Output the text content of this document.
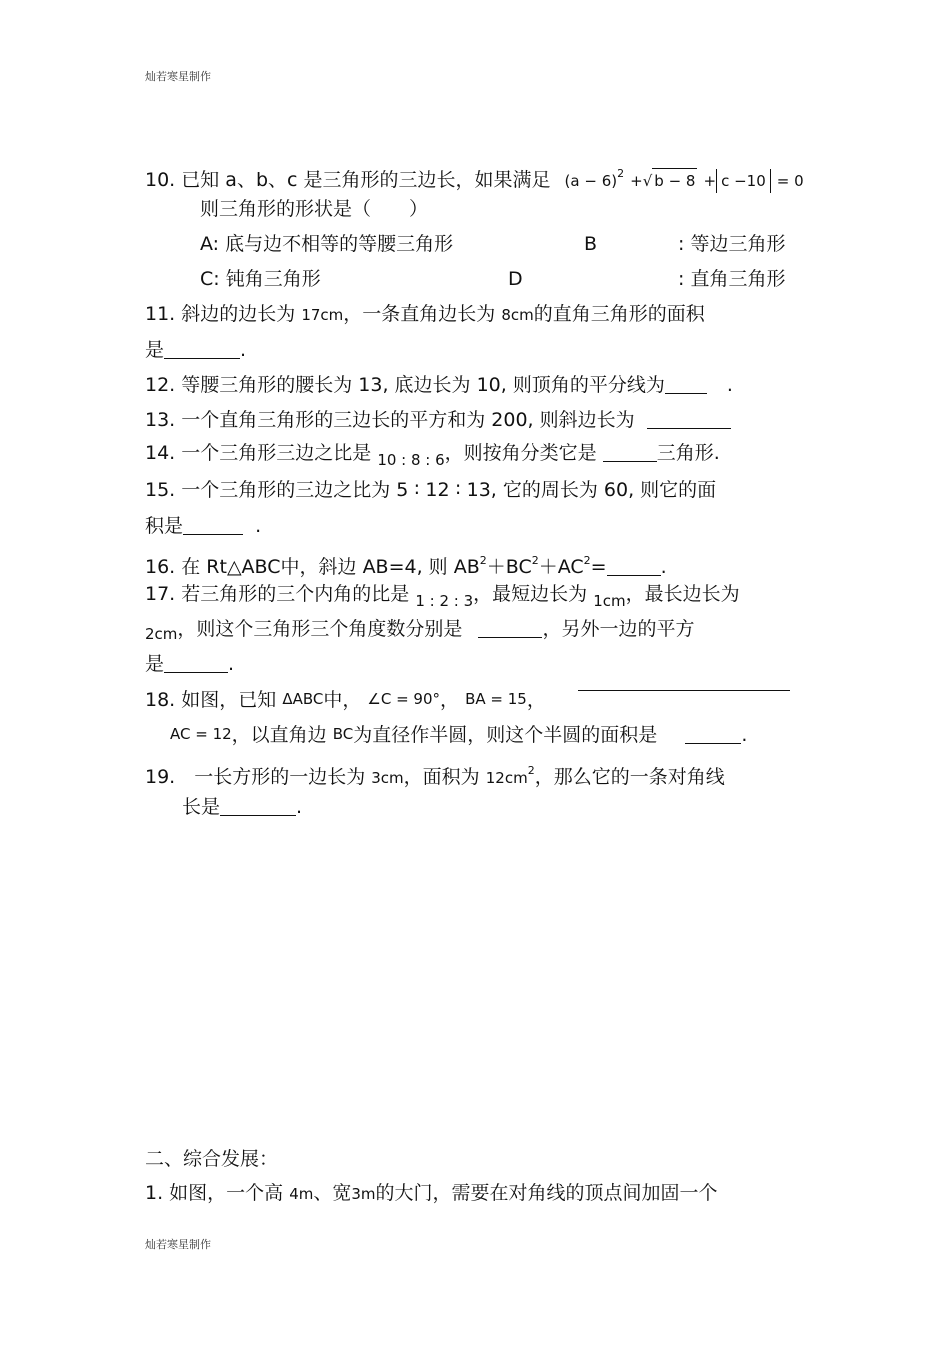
灿若寒星制作
10. 已知 a、b、c 是三角形的三边长，如果满足 $(a - 6)^2$ +√ b − 8 + c −10 = 0
则三角形的形状是（　　）
A: 底与边不相等的等腰三角形	B	: 等边三角形
C: 钝角三角形	D	: 直角三角形
11. 斜边的边长为 17cm，一条直角边长为 8cm的直角三角形的面积
是	.
12. 等腰三角形的腰长为 13, 底边长为 10, 则顶角的平分线为	.
13. 一个直角三角形的三边长的平方和为 200, 则斜边长为
14. 一个三角形三边之比是 $_{10 : 8 : 6}$，则按角分类它是	三角形.
15. 一个三角形的三边之比为 5 ∶ 12 ∶ 13, 它的周长为 60, 则它的面
积是	.
16. 在 Rt△ABC中，斜边 AB=4, 则 $AB^2+BC^2+AC^2=$	.
17. 若三角形的三个内角的比是 $_{1 : 2 : 3}$，最短边长为 $_{1cm}$，最长边长为
$_{2cm}$，则这个三角形三个角度数分别是	，另外一边的平方
是	.
18. 如图，已知 ΔABC中， ∠C = 90°， BA = 15，
AC = 12，以直角边 BC为直径作半圆，则这个半圆的面积是	.
19.　一长方形的一边长为 3cm，面积为 $12cm^2$，那么它的一条对角线
长是	.
二、综合发展：
1. 如图，一个高 4m、宽3m的大门，需要在对角线的顶点间加固一个
灿若寒星制作
